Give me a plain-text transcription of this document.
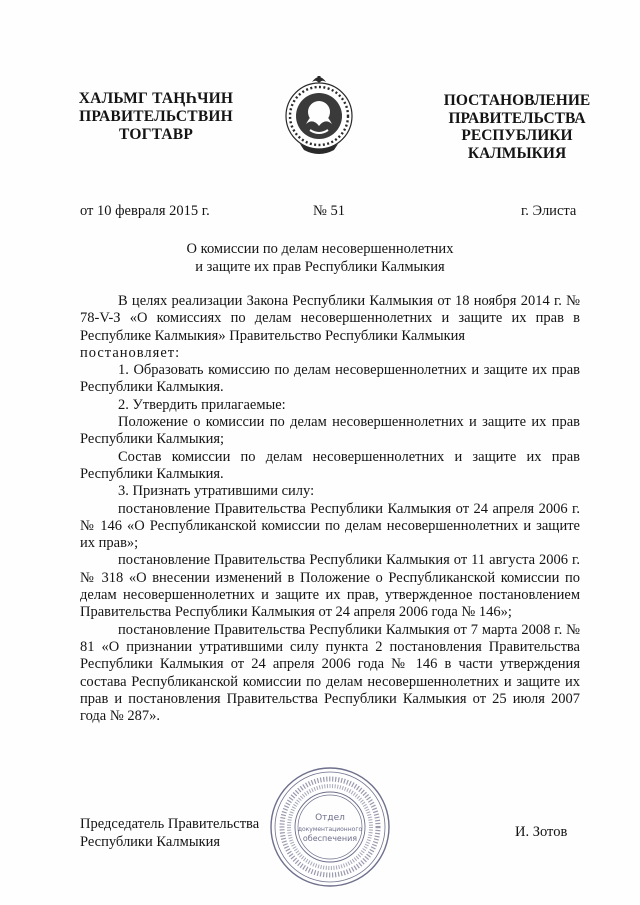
ХАЛЬМГ ТАҢҺЧИН
ПРАВИТЕЛЬСТВИН
ТОГТАВР
ПОСТАНОВЛЕНИЕ
ПРАВИТЕЛЬСТВА
РЕСПУБЛИКИ КАЛМЫКИЯ
от 10 февраля 2015 г.	№ 51	г. Элиста
О комиссии по делам несовершеннолетних
и защите их прав Республики Калмыкия

В целях реализации Закона Республики Калмыкия от 18 ноября 2014 г. № 78-V-З «О комиссиях по делам несовершеннолетних и защите их прав в Республике Калмыкия» Правительство Республики Калмыкия

постановляет:

1. Образовать комиссию по делам несовершеннолетних и защите их прав Республики Калмыкия.

2. Утвердить прилагаемые:

Положение о комиссии по делам несовершеннолетних и защите их прав Республики Калмыкия;

Состав комиссии по делам несовершеннолетних и защите их прав Республики Калмыкия.

3. Признать утратившими силу:

постановление Правительства Республики Калмыкия от 24 апреля 2006 г. № 146 «О Республиканской комиссии по делам несовершеннолетних и защите их прав»;

постановление Правительства Республики Калмыкия от 11 августа 2006 г. № 318 «О внесении изменений в Положение о Республиканской комиссии по делам несовершеннолетних и защите их прав, утвержденное постановлением Правительства Республики Калмыкия от 24 апреля 2006 года № 146»;

постановление Правительства Республики Калмыкия от 7 марта 2008 г. № 81 «О признании утратившими силу пункта 2 постановления Правительства Республики Калмыкия от 24 апреля 2006 года № 146 в части утверждения состава Республиканской комиссии по делам несовершеннолетних и защите их прав и постановления Правительства Республики Калмыкия от 25 июля 2007 года № 287».

Председатель Правительства
Республики Калмыкия
И. Зотов
Отдел
документационного
обеспечения
